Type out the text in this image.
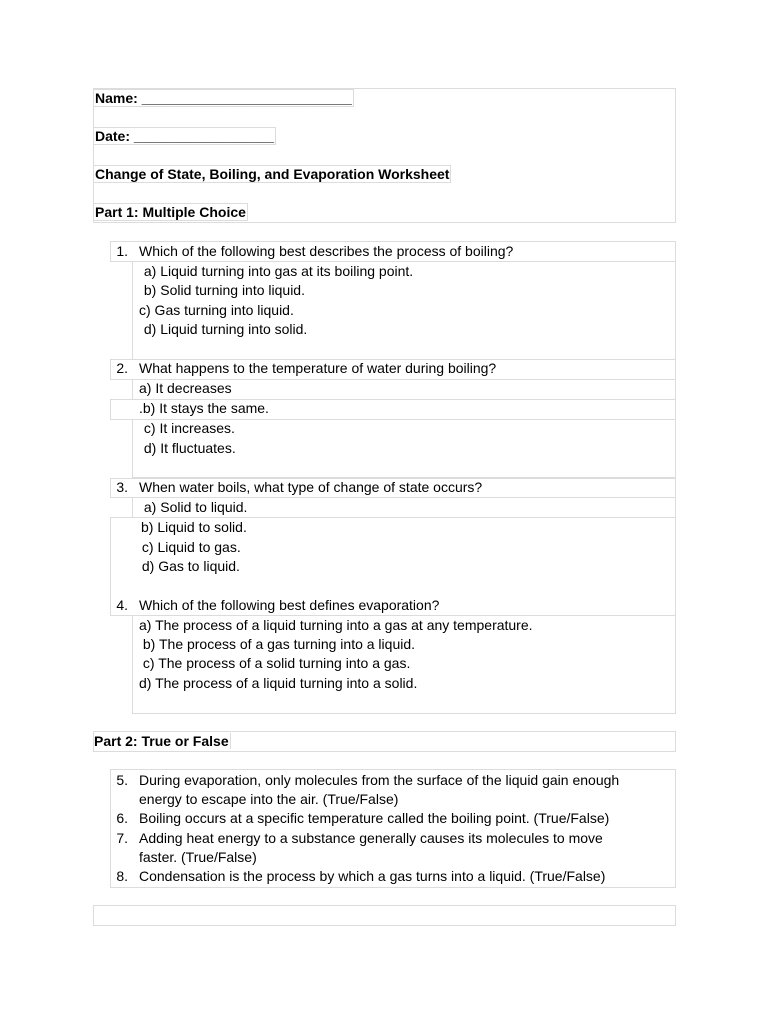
Name: ___________________________
Date: __________________
Change of State, Boiling, and Evaporation Worksheet
Part 1: Multiple Choice
1. Which of the following best describes the process of boiling?
a) Liquid turning into gas at its boiling point.
b) Solid turning into liquid.
c) Gas turning into liquid.
d) Liquid turning into solid.
2. What happens to the temperature of water during boiling?
a) It decreases
.b) It stays the same.
c) It increases.
d) It fluctuates.
3. When water boils, what type of change of state occurs?
a) Solid to liquid.
b) Liquid to solid.
c) Liquid to gas.
d) Gas to liquid.
4. Which of the following best defines evaporation?
a) The process of a liquid turning into a gas at any temperature.
b) The process of a gas turning into a liquid.
c) The process of a solid turning into a gas.
d) The process of a liquid turning into a solid.
Part 2: True or False
5. During evaporation, only molecules from the surface of the liquid gain enough
energy to escape into the air. (True/False)
6. Boiling occurs at a specific temperature called the boiling point. (True/False)
7. Adding heat energy to a substance generally causes its molecules to move
faster. (True/False)
8. Condensation is the process by which a gas turns into a liquid. (True/False)
